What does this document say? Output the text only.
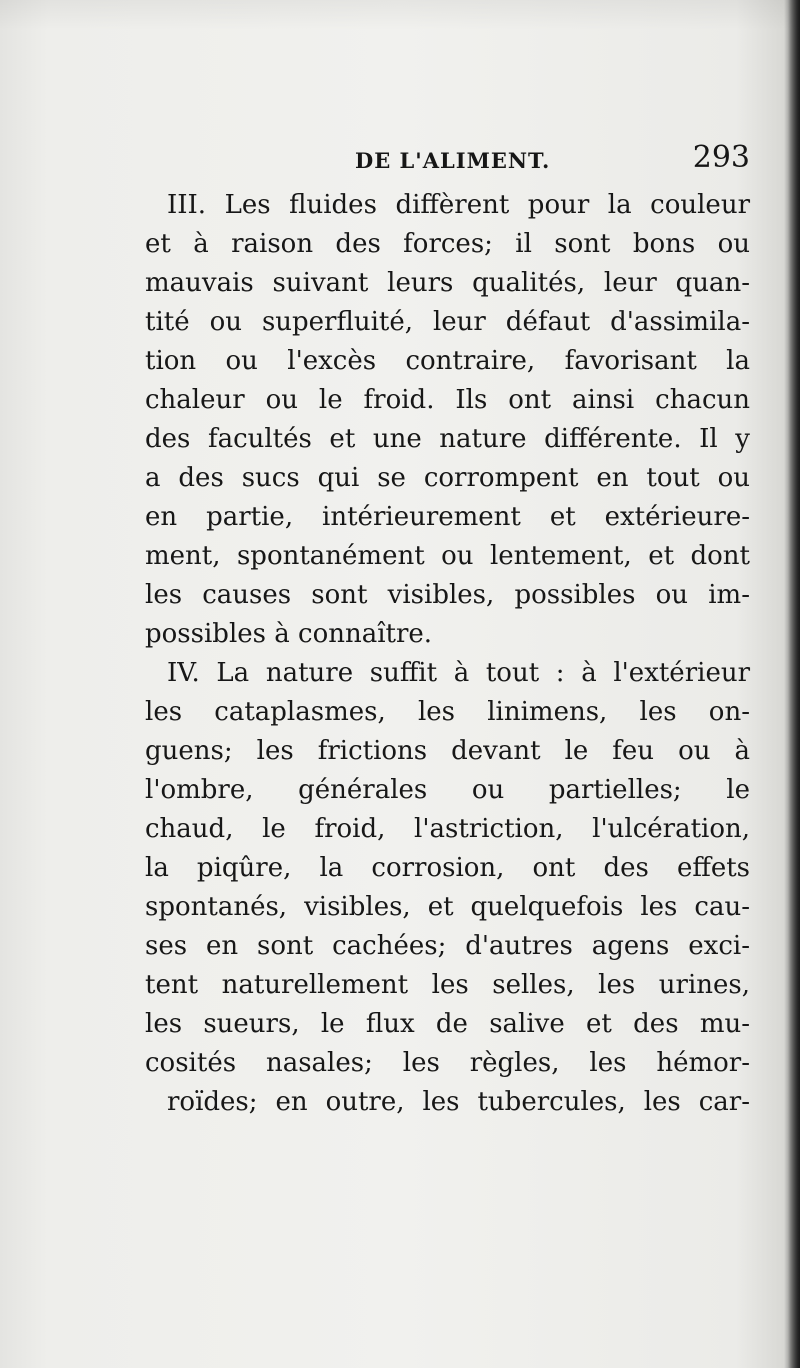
DE L'ALIMENT.	293
III. Les fluides diffèrent pour la couleur
et à raison des forces; il sont bons ou
mauvais suivant leurs qualités, leur quan-
tité ou superfluité, leur défaut d'assimila-
tion ou l'excès contraire, favorisant la
chaleur ou le froid. Ils ont ainsi chacun
des facultés et une nature différente. Il y
a des sucs qui se corrompent en tout ou
en partie, intérieurement et extérieure-
ment, spontanément ou lentement, et dont
les causes sont visibles, possibles ou im-
possibles à connaître.
IV. La nature suffit à tout : à l'extérieur
les cataplasmes, les linimens, les on-
guens; les frictions devant le feu ou à
l'ombre, générales ou partielles; le
chaud, le froid, l'astriction, l'ulcération,
la piqûre, la corrosion, ont des effets
spontanés, visibles, et quelquefois les cau-
ses en sont cachées; d'autres agens exci-
tent naturellement les selles, les urines,
les sueurs, le flux de salive et des mu-
cosités nasales; les règles, les hémor-
roïdes; en outre, les tubercules, les car-
